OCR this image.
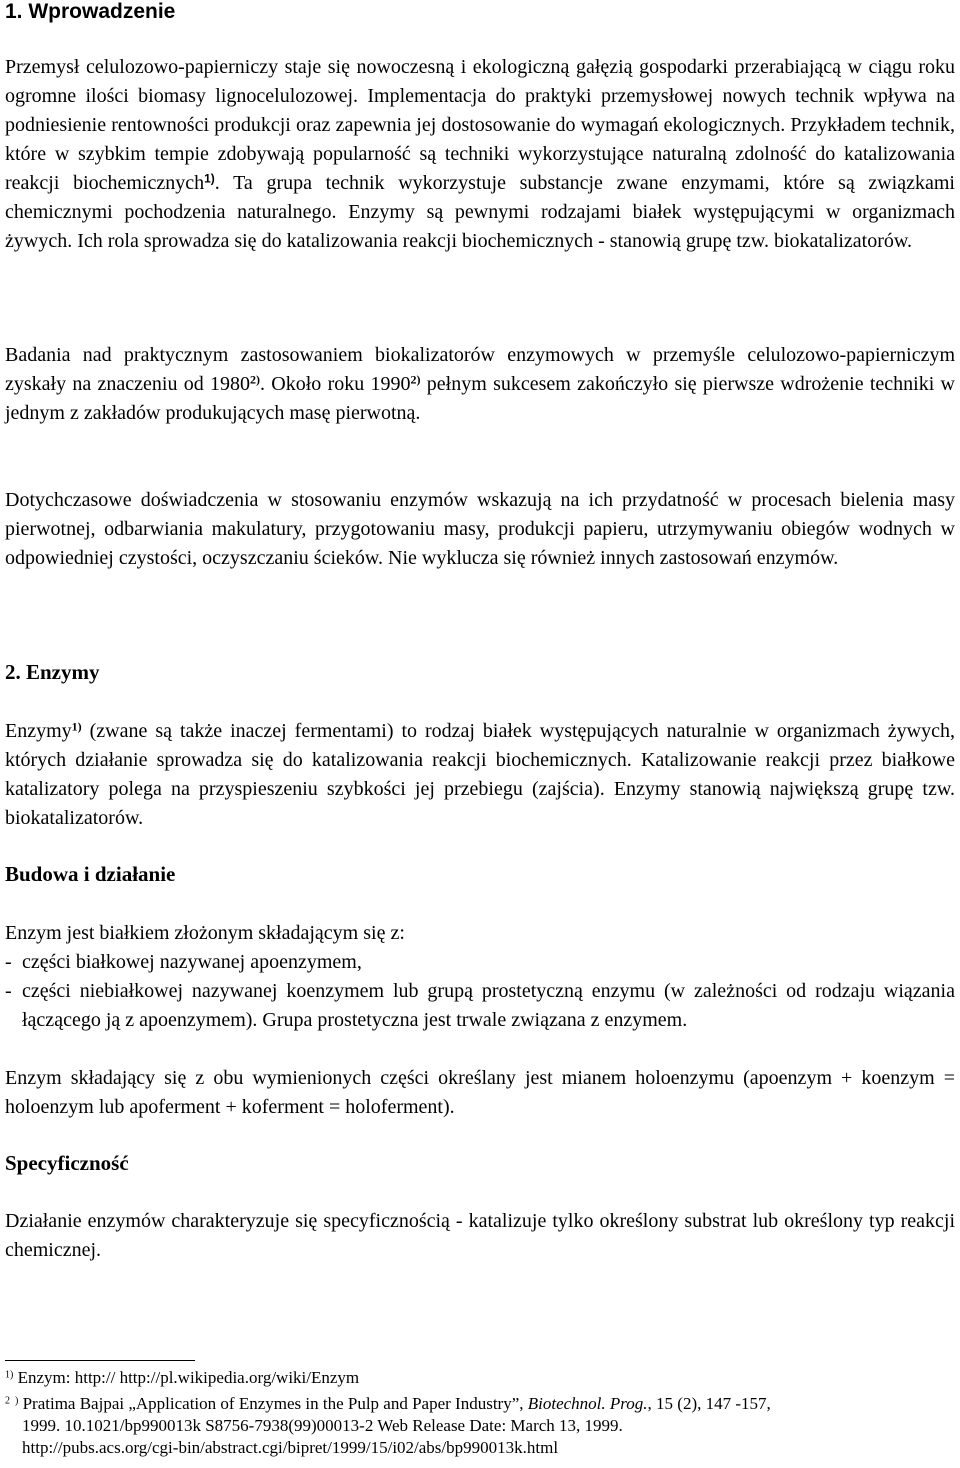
1. Wprowadzenie

Przemysł celulozowo-papierniczy staje się nowoczesną i ekologiczną gałęzią gospodarki przerabiającą w ciągu roku ogromne ilości biomasy lignocelulozowej. Implementacja do praktyki przemysłowej nowych technik wpływa na podniesienie rentowności produkcji oraz zapewnia jej dostosowanie do wymagań ekologicznych. Przykładem technik, które w szybkim tempie zdobywają popularność są techniki wykorzystujące naturalną zdolność do katalizowania reakcji biochemicznych$^{1)}$. Ta grupa technik wykorzystuje substancje zwane enzymami, które są związkami chemicznymi pochodzenia naturalnego. Enzymy są pewnymi rodzajami białek występującymi w organizmach żywych. Ich rola sprowadza się do katalizowania reakcji biochemicznych - stanowią grupę tzw. biokatalizatorów.

Badania nad praktycznym zastosowaniem biokalizatorów enzymowych w przemyśle celulozowo-papierniczym zyskały na znaczeniu od 1980$^{2)}$. Około roku 1990$^{2)}$ pełnym sukcesem zakończyło się pierwsze wdrożenie techniki w jednym z zakładów produkujących masę pierwotną.

Dotychczasowe doświadczenia w stosowaniu enzymów wskazują na ich przydatność w procesach bielenia masy pierwotnej, odbarwiania makulatury, przygotowaniu masy, produkcji papieru, utrzymywaniu obiegów wodnych w odpowiedniej czystości, oczyszczaniu ścieków. Nie wyklucza się również innych zastosowań enzymów.

2. Enzymy

Enzymy$^{1)}$ (zwane są także inaczej fermentami) to rodzaj białek występujących naturalnie w organizmach żywych, których działanie sprowadza się do katalizowania reakcji biochemicznych. Katalizowanie reakcji przez białkowe katalizatory polega na przyspieszeniu szybkości jej przebiegu (zajścia). Enzymy stanowią największą grupę tzw. biokatalizatorów.

Budowa i działanie

Enzym jest białkiem złożonym składającym się z:

- części białkowej nazywanej apoenzymem,
- części niebiałkowej nazywanej koenzymem lub grupą prostetyczną enzymu (w zależności od rodzaju wiązania łączącego ją z apoenzymem). Grupa prostetyczna jest trwale związana z enzymem.

Enzym składający się z obu wymienionych części określany jest mianem holoenzymu (apoenzym + koenzym = holoenzym lub apoferment + koferment = holoferment).

Specyficzność

Działanie enzymów charakteryzuje się specyficznością - katalizuje tylko określony substrat lub określony typ reakcji chemicznej.

$^{1)}$ Enzym: http:// http://pl.wikipedia.org/wiki/Enzym
$^{2 )}$ Pratima Bajpai „Application of Enzymes in the Pulp and Paper Industry”, Biotechnol. Prog., 15 (2), 147 -157,
1999. 10.1021/bp990013k S8756-7938(99)00013-2 Web Release Date: March 13, 1999.
http://pubs.acs.org/cgi-bin/abstract.cgi/bipret/1999/15/i02/abs/bp990013k.html
